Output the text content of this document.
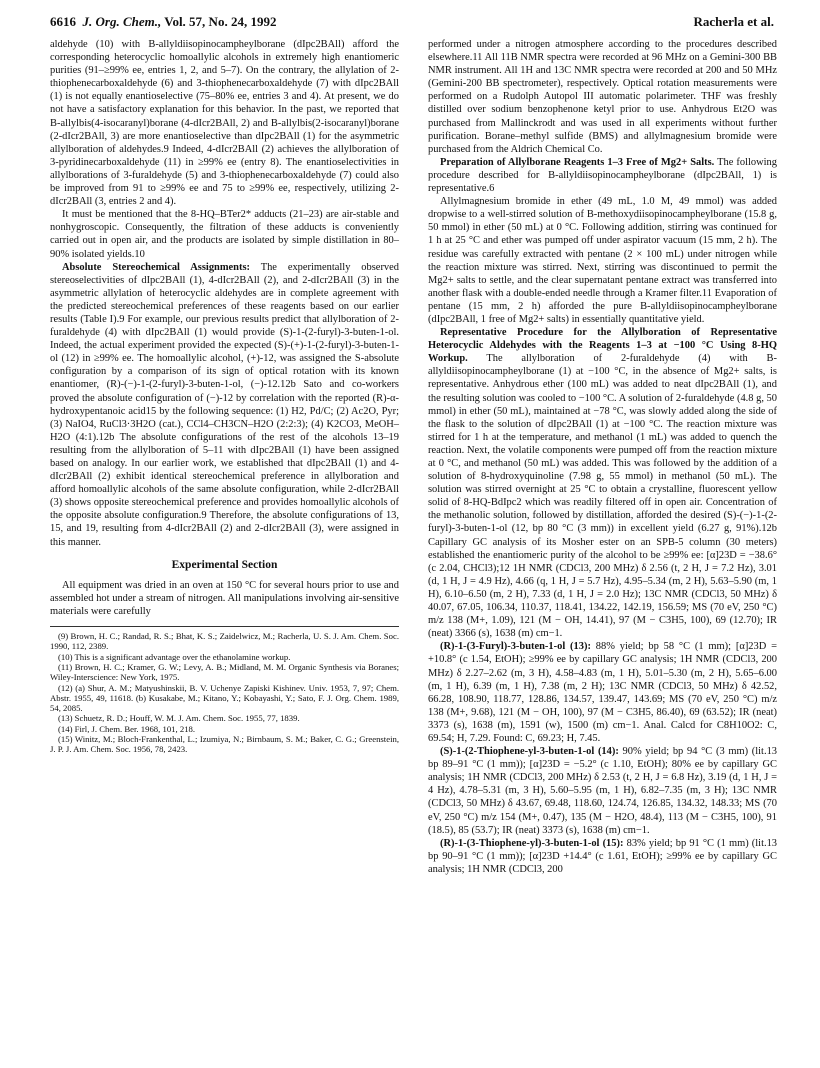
6616 J. Org. Chem., Vol. 57, No. 24, 1992	Racherla et al.

aldehyde (10) with B-allyldiisopinocampheylborane (dIpc2BAll) afford the corresponding heterocyclic homoallylic alcohols in extremely high enantiomeric purities (91–≥99% ee, entries 1, 2, and 5–7). On the contrary, the allylation of 2-thiophenecarboxaldehyde (6) and 3-thiophenecarboxaldehyde (7) with dIpc2BAll (1) is not equally enantioselective (75–80% ee, entries 3 and 4). At present, we do not have a satisfactory explanation for this behavior. In the past, we reported that B-allylbis(4-isocaranyl)borane (4-dIcr2BAll, 2) and B-allylbis(2-isocaranyl)borane (2-dIcr2BAll, 3) are more enantioselective than dIpc2BAll (1) for the asymmetric allylboration of aldehydes.9 Indeed, 4-dIcr2BAll (2) achieves the allylboration of 3-pyridinecarboxaldehyde (11) in ≥99% ee (entry 8). The enantioselectivities in allylborations of 3-furaldehyde (5) and 3-thiophenecarboxaldehyde (7) could also be improved from 91 to ≥99% ee and 75 to ≥99% ee, respectively, utilizing 2-dIcr2BAll (3, entries 2 and 4).

It must be mentioned that the 8-HQ–BTer2* adducts (21–23) are air-stable and nonhygroscopic. Consequently, the filtration of these adducts is conveniently carried out in open air, and the products are isolated by simple distillation in 80–90% isolated yields.10

Absolute Stereochemical Assignments: The experimentally observed stereoselectivities of dIpc2BAll (1), 4-dIcr2BAll (2), and 2-dIcr2BAll (3) in the asymmetric allylation of heterocyclic aldehydes are in complete agreement with the predicted stereochemical preferences of these reagents based on our earlier results (Table I).9 For example, our previous results predict that allylboration of 2-furaldehyde (4) with dIpc2BAll (1) would provide (S)-1-(2-furyl)-3-buten-1-ol. Indeed, the actual experiment provided the expected (S)-(+)-1-(2-furyl)-3-buten-1-ol (12) in ≥99% ee. The homoallylic alcohol, (+)-12, was assigned the S-absolute configuration by a comparison of its sign of optical rotation with its known enantiomer, (R)-(−)-1-(2-furyl)-3-buten-1-ol, (−)-12.12b Sato and co-workers proved the absolute configuration of (−)-12 by correlation with the reported (R)-α-hydroxypentanoic acid15 by the following sequence: (1) H2, Pd/C; (2) Ac2O, Pyr; (3) NaIO4, RuCl3·3H2O (cat.), CCl4–CH3CN–H2O (2:2:3); (4) K2CO3, MeOH–H2O (4:1).12b The absolute configurations of the rest of the alcohols 13–19 resulting from the allylboration of 5–11 with dIpc2BAll (1) have been assigned based on analogy. In our earlier work, we established that dIpc2BAll (1) and 4-dIcr2BAll (2) exhibit identical stereochemical preference in allylboration and afford homoallylic alcohols of the same absolute configuration, while 2-dIcr2BAll (3) shows opposite stereochemical preference and provides homoallylic alcohols of the opposite absolute configuration.9 Therefore, the absolute configurations of 13, 15, and 19, resulting from 4-dIcr2BAll (2) and 2-dIcr2BAll (3), were assigned in this manner.

Experimental Section

All equipment was dried in an oven at 150 °C for several hours prior to use and assembled hot under a stream of nitrogen. All manipulations involving air-sensitive materials were carefully

(9) Brown, H. C.; Randad, R. S.; Bhat, K. S.; Zaidelwicz, M.; Racherla, U. S. J. Am. Chem. Soc. 1990, 112, 2389.

(10) This is a significant advantage over the ethanolamine workup.

(11) Brown, H. C.; Kramer, G. W.; Levy, A. B.; Midland, M. M. Organic Synthesis via Boranes; Wiley-Interscience: New York, 1975.

(12) (a) Shur, A. M.; Matyushinskii, B. V. Uchenye Zapiski Kishinev. Univ. 1953, 7, 97; Chem. Abstr. 1955, 49, 11618. (b) Kusakabe, M.; Kitano, Y.; Kobayashi, Y.; Sato, F. J. Org. Chem. 1989, 54, 2085.

(13) Schuetz, R. D.; Houff, W. M. J. Am. Chem. Soc. 1955, 77, 1839.

(14) Firl, J. Chem. Ber. 1968, 101, 218.

(15) Winitz, M.; Bloch-Frankenthal, L.; Izumiya, N.; Birnbaum, S. M.; Baker, C. G.; Greenstein, J. P. J. Am. Chem. Soc. 1956, 78, 2423.

performed under a nitrogen atmosphere according to the procedures described elsewhere.11 All 11B NMR spectra were recorded at 96 MHz on a Gemini-300 BB NMR instrument. All 1H and 13C NMR spectra were recorded at 200 and 50 MHz (Gemini-200 BB spectrometer), respectively. Optical rotation measurements were performed on a Rudolph Autopol III automatic polarimeter. THF was freshly distilled over sodium benzophenone ketyl prior to use. Anhydrous Et2O was purchased from Mallinckrodt and was used in all experiments without further purification. Borane–methyl sulfide (BMS) and allylmagnesium bromide were purchased from the Aldrich Chemical Co.

Preparation of Allylborane Reagents 1–3 Free of Mg2+ Salts. The following procedure described for B-allyldiisopinocampheylborane (dIpc2BAll, 1) is representative.6

Allylmagnesium bromide in ether (49 mL, 1.0 M, 49 mmol) was added dropwise to a well-stirred solution of B-methoxydiisopinocampheylborane (15.8 g, 50 mmol) in ether (50 mL) at 0 °C. Following addition, stirring was continued for 1 h at 25 °C and ether was pumped off under aspirator vacuum (15 mm, 2 h). The residue was carefully extracted with pentane (2 × 100 mL) under nitrogen while the reaction mixture was stirred. Next, stirring was discontinued to permit the Mg2+ salts to settle, and the clear supernatant pentane extract was transferred into another flask with a double-ended needle through a Kramer filter.11 Evaporation of pentane (15 mm, 2 h) afforded the pure B-allyldiisopinocampheylborane (dIpc2BAll, 1 free of Mg2+ salts) in essentially quantitative yield.

Representative Procedure for the Allylboration of Representative Heterocyclic Aldehydes with the Reagents 1–3 at −100 °C Using 8-HQ Workup. The allylboration of 2-furaldehyde (4) with B-allyldiisopinocampheylborane (1) at −100 °C, in the absence of Mg2+ salts, is representative. Anhydrous ether (100 mL) was added to neat dIpc2BAll (1), and the resulting solution was cooled to −100 °C. A solution of 2-furaldehyde (4.8 g, 50 mmol) in ether (50 mL), maintained at −78 °C, was slowly added along the side of the flask to the solution of dIpc2BAll (1) at −100 °C. The reaction mixture was stirred for 1 h at the temperature, and methanol (1 mL) was added to quench the reaction. Next, the volatile components were pumped off from the reaction mixture at 0 °C, and methanol (50 mL) was added. This was followed by the addition of a solution of 8-hydroxyquinoline (7.98 g, 55 mmol) in methanol (50 mL). The solution was stirred overnight at 25 °C to obtain a crystalline, fluorescent yellow solid of 8-HQ-BdIpc2 which was readily filtered off in open air. Concentration of the methanolic solution, followed by distillation, afforded the desired (S)-(−)-1-(2-furyl)-3-buten-1-ol (12, bp 80 °C (3 mm)) in excellent yield (6.27 g, 91%).12b Capillary GC analysis of its Mosher ester on an SPB-5 column (30 meters) established the enantiomeric purity of the alcohol to be ≥99% ee: [α]23D = −38.6° (c 2.04, CHCl3);12 1H NMR (CDCl3, 200 MHz) δ 2.56 (t, 2 H, J = 7.2 Hz), 3.01 (d, 1 H, J = 4.9 Hz), 4.66 (q, 1 H, J = 5.7 Hz), 4.95–5.34 (m, 2 H), 5.63–5.90 (m, 1 H), 6.10–6.50 (m, 2 H), 7.33 (d, 1 H, J = 2.0 Hz); 13C NMR (CDCl3, 50 MHz) δ 40.07, 67.05, 106.34, 110.37, 118.41, 134.22, 142.19, 156.59; MS (70 eV, 250 °C) m/z 138 (M+, 1.09), 121 (M − OH, 14.41), 97 (M − C3H5, 100), 69 (12.70); IR (neat) 3366 (s), 1638 (m) cm−1.

(R)-1-(3-Furyl)-3-buten-1-ol (13): 88% yield; bp 58 °C (1 mm); [α]23D = +10.8° (c 1.54, EtOH); ≥99% ee by capillary GC analysis; 1H NMR (CDCl3, 200 MHz) δ 2.27–2.62 (m, 3 H), 4.58–4.83 (m, 1 H), 5.01–5.30 (m, 2 H), 5.65–6.00 (m, 1 H), 6.39 (m, 1 H), 7.38 (m, 2 H); 13C NMR (CDCl3, 50 MHz) δ 42.52, 66.28, 108.90, 118.77, 128.86, 134.57, 139.47, 143.69; MS (70 eV, 250 °C) m/z 138 (M+, 9.68), 121 (M − OH, 100), 97 (M − C3H5, 86.40), 69 (63.52); IR (neat) 3373 (s), 1638 (m), 1591 (w), 1500 (m) cm−1. Anal. Calcd for C8H10O2: C, 69.54; H, 7.29. Found: C, 69.23; H, 7.45.

(S)-1-(2-Thiophene-yl-3-buten-1-ol (14): 90% yield; bp 94 °C (3 mm) (lit.13 bp 89–91 °C (1 mm)); [α]23D = −5.2° (c 1.10, EtOH); 80% ee by capillary GC analysis; 1H NMR (CDCl3, 200 MHz) δ 2.53 (t, 2 H, J = 6.8 Hz), 3.19 (d, 1 H, J = 4 Hz), 4.78–5.31 (m, 3 H), 5.60–5.95 (m, 1 H), 6.82–7.35 (m, 3 H); 13C NMR (CDCl3, 50 MHz) δ 43.67, 69.48, 118.60, 124.74, 126.85, 134.32, 148.33; MS (70 eV, 250 °C) m/z 154 (M+, 0.47), 135 (M − H2O, 48.4), 113 (M − C3H5, 100), 91 (18.5), 85 (53.7); IR (neat) 3373 (s), 1638 (m) cm−1.

(R)-1-(3-Thiophene-yl)-3-buten-1-ol (15): 83% yield; bp 91 °C (1 mm) (lit.13 bp 90–91 °C (1 mm)); [α]23D +14.4° (c 1.61, EtOH); ≥99% ee by capillary GC analysis; 1H NMR (CDCl3, 200
